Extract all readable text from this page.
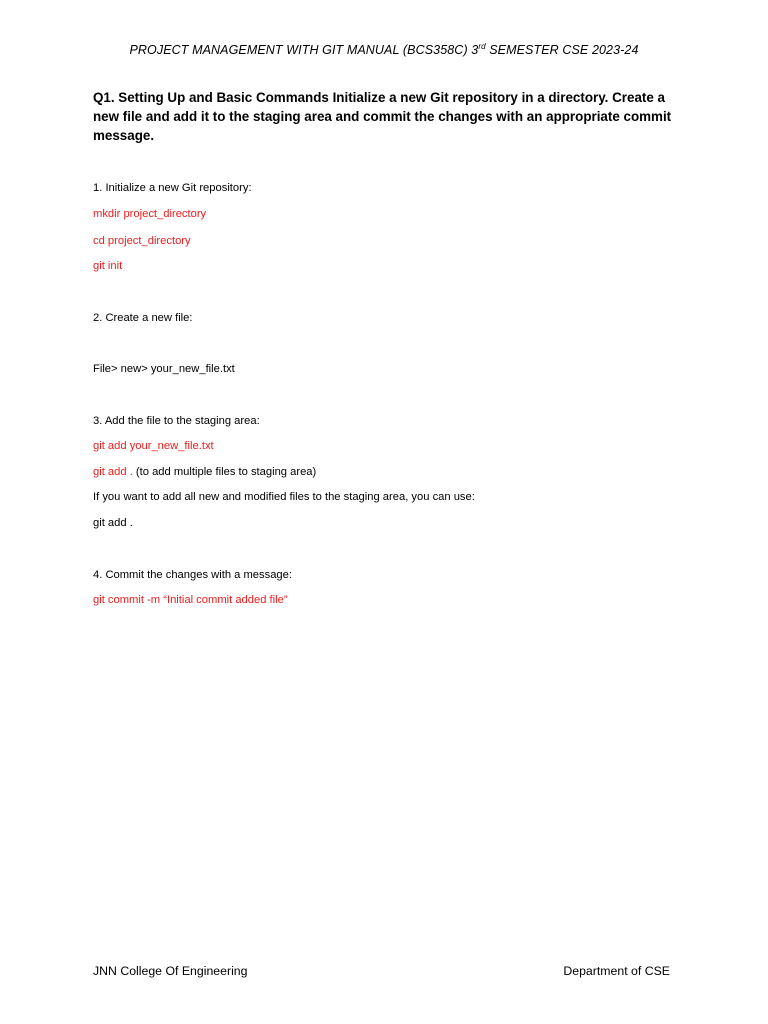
PROJECT MANAGEMENT WITH GIT MANUAL (BCS358C) 3rd SEMESTER CSE 2023-24
Q1. Setting Up and Basic Commands Initialize a new Git repository in a directory. Create a new file and add it to the staging area and commit the changes with an appropriate commit message.
1. Initialize a new Git repository:
mkdir project_directory
cd project_directory
git init
2. Create a new file:
File> new> your_new_file.txt
3. Add the file to the staging area:
git add your_new_file.txt
git add . (to add multiple files to staging area)
If you want to add all new and modified files to the staging area, you can use:
git add .
4. Commit the changes with a message:
git commit -m “Initial commit added file”
JNN College Of Engineering	Department of CSE
